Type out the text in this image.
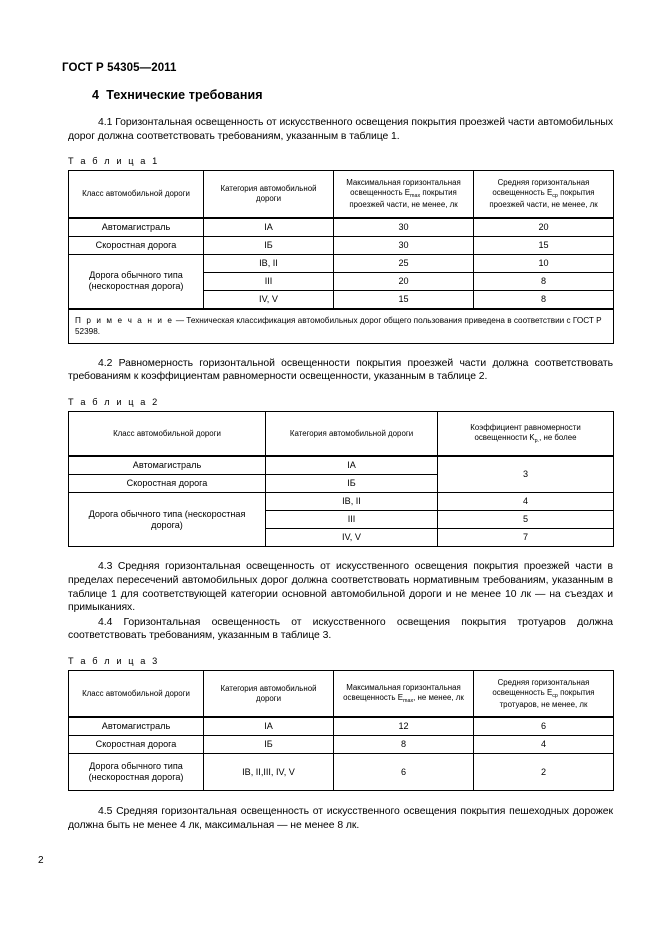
ГОСТ Р 54305—2011
4 Технические требования

4.1 Горизонтальная освещенность от искусственного освещения покрытия проезжей части автомобильных дорог должна соответствовать требованиям, указанным в таблице 1.

Т а б л и ц а 1
Класс автомобильной дороги	Категория автомобильной дороги	Максимальная горизонтальная освещенность $E_{max}$ покрытия проезжей части, не менее, лк	Средняя горизонтальная освещенность $E_{ср}$ покрытия проезжей части, не менее, лк
Автомагистраль	IA	30	20
Скоростная дорога	IБ	30	15
Дорога обычного типа (нескоростная дорога)	IВ, II	25	10
	III	20	8
	IV, V	15	8
П р и м е ч а н и е — Техническая классификация автомобильных дорог общего пользования приведена в соответствии с ГОСТ Р 52398.			

4.2 Равномерность горизонтальной освещенности покрытия проезжей части должна соответствовать требованиям к коэффициентам равномерности освещенности, указанным в таблице 2.

Т а б л и ц а 2
Класс автомобильной дороги	Категория автомобильной дороги	Коэффициент равномерности освещенности $K_{р.}$, не более
Автомагистраль	IA	3
Скоростная дорога	IБ	
Дорога обычного типа (нескоростная дорога)	IВ, II	4
	III	5
	IV, V	7

4.3 Средняя горизонтальная освещенность от искусственного освещения покрытия проезжей части в пределах пересечений автомобильных дорог должна соответствовать нормативным требованиям, указанным в таблице 1 для соответствующей категории основной автомобильной дороги и не менее 10 лк — на съездах и примыканиях.

4.4 Горизонтальная освещенность от искусственного освещения покрытия тротуаров должна соответствовать требованиям, указанным в таблице 3.

Т а б л и ц а 3
Класс автомобильной дороги	Категория автомобильной дороги	Максимальная горизонтальная освещенность $E_{max}$, не менее, лк	Средняя горизонтальная освещенность $E_{ср}$ покрытия тротуаров, не менее, лк
Автомагистраль	IA	12	6
Скоростная дорога	IБ	8	4
Дорога обычного типа (нескоростная дорога)	IВ, II,III, IV, V	6	2

4.5 Средняя горизонтальная освещенность от искусственного освещения покрытия пешеходных дорожек должна быть не менее 4 лк, максимальная — не менее 8 лк.

2
